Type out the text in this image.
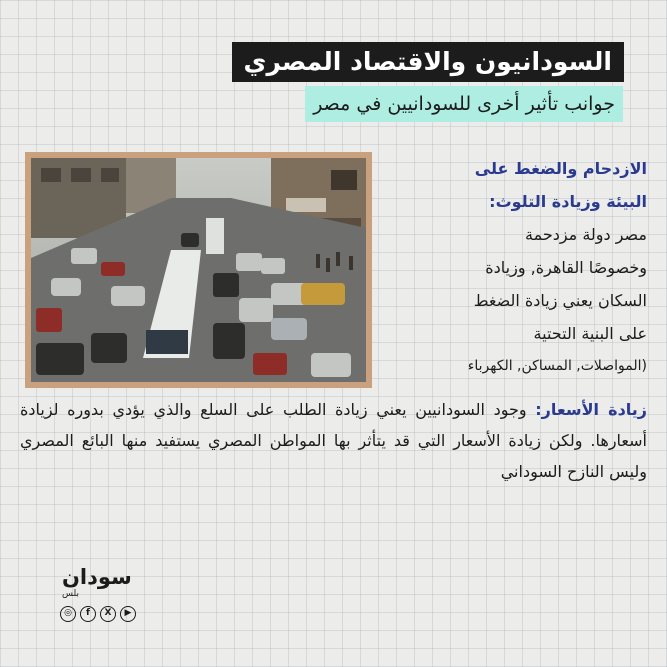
السودانيون والاقتصاد المصري
جوانب تأثير أخرى للسودانيين في مصر
الازدحام والضغط على
البيئة وزيادة التلوث:
مصر دولة مزدحمة
وخصوصًا القاهرة, وزيادة
السكان يعني زيادة الضغط
على البنية التحتية
(المواصلات, المساكن, الكهرباء
زيادة الأسعار: وجود السودانيين يعني زيادة الطلب على السلع والذي يؤدي بدوره لزيادة أسعارها. ولكن زيادة الأسعار التي قد يتأثر بها المواطن المصري يستفيد منها البائع المصري وليس النازح السوداني
سودان
بلس
◎	f	X	▶
